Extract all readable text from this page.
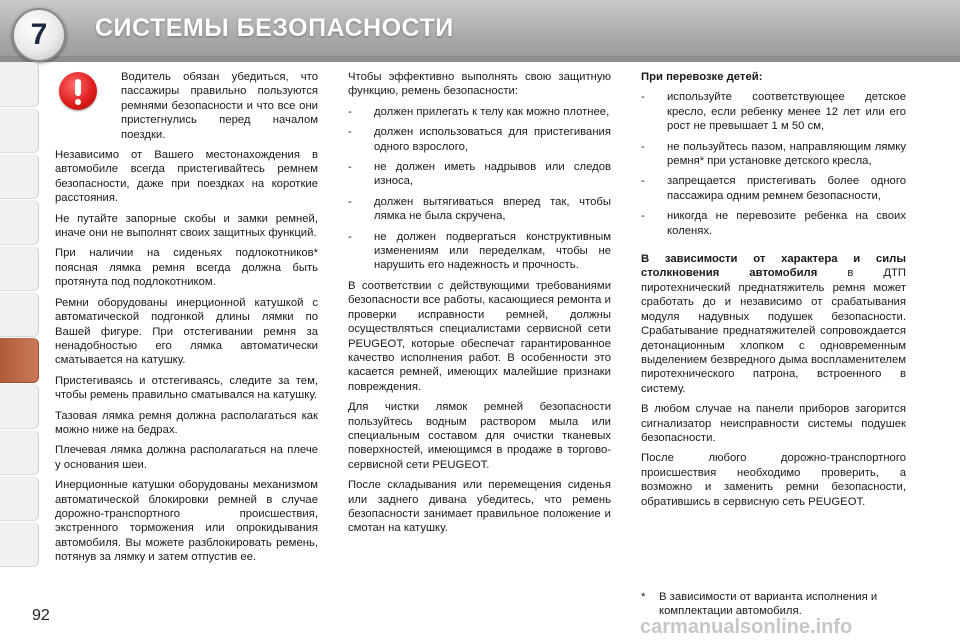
7	СИСТЕМЫ БЕЗОПАСНОСТИ
Водитель обязан убедиться, что пассажиры правильно пользуются ремнями безопасности и что все они пристегнулись перед началом поездки.

Независимо от Вашего местонахождения в автомобиле всегда пристегивайтесь ремнем безопасности, даже при поездках на короткие расстояния.

Не путайте запорные скобы и замки ремней, иначе они не выполнят своих защитных функций.

При наличии на сиденьях подлокотников* поясная лямка ремня всегда должна быть протянута под подлокотником.

Ремни оборудованы инерционной катушкой с автоматической подгонкой длины лямки по Вашей фигуре. При отстегивании ремня за ненадобностью его лямка автоматически сматывается на катушку.

Пристегиваясь и отстегиваясь, следите за тем, чтобы ремень правильно сматывался на катушку.

Тазовая лямка ремня должна располагаться как можно ниже на бедрах.

Плечевая лямка должна располагаться на плече у основания шеи.

Инерционные катушки оборудованы механизмом автоматической блокировки ремней в случае дорожно-транспортного происшествия, экстренного торможения или опрокидывания автомобиля. Вы можете разблокировать ремень, потянув за лямку и затем отпустив ее.

Чтобы эффективно выполнять свою защитную функцию, ремень безопасности:

- должен прилегать к телу как можно плотнее,
- должен использоваться для пристегивания одного взрослого,
- не должен иметь надрывов или следов износа,
- должен вытягиваться вперед так, чтобы лямка не была скручена,
- не должен подвергаться конструктивным изменениям или переделкам, чтобы не нарушить его надежность и прочность.

В соответствии с действующими требованиями безопасности все работы, касающиеся ремонта и проверки исправности ремней, должны осуществляться специалистами сервисной сети PEUGEOT, которые обеспечат гарантированное качество исполнения работ. В особенности это касается ремней, имеющих малейшие признаки повреждения.

Для чистки лямок ремней безопасности пользуйтесь водным раствором мыла или специальным составом для очистки тканевых поверхностей, имеющимся в продаже в торгово-сервисной сети PEUGEOT.

После складывания или перемещения сиденья или заднего дивана убедитесь, что ремень безопасности занимает правильное положение и смотан на катушку.

При перевозке детей:
- используйте соответствующее детское кресло, если ребенку менее 12 лет или его рост не превышает 1 м 50 см,
- не пользуйтесь пазом, направляющим лямку ремня* при установке детского кресла,
- запрещается пристегивать более одного пассажира одним ремнем безопасности,
- никогда не перевозите ребенка на своих коленях.

В зависимости от характера и силы столкновения автомобиля в ДТП пиротехнический преднатяжитель ремня может сработать до и независимо от срабатывания модуля надувных подушек безопасности. Срабатывание преднатяжителей сопровождается детонационным хлопком с одновременным выделением безвредного дыма воспламенителем пиротехнического патрона, встроенного в систему.

В любом случае на панели приборов загорится сигнализатор неисправности системы подушек безопасности.

После любого дорожно-транспортного происшествия необходимо проверить, а возможно и заменить ремни безопасности, обратившись в сервисную сеть PEUGEOT.

*	В зависимости от варианта исполнения и комплектации автомобиля.
92
carmanualsonline.info
